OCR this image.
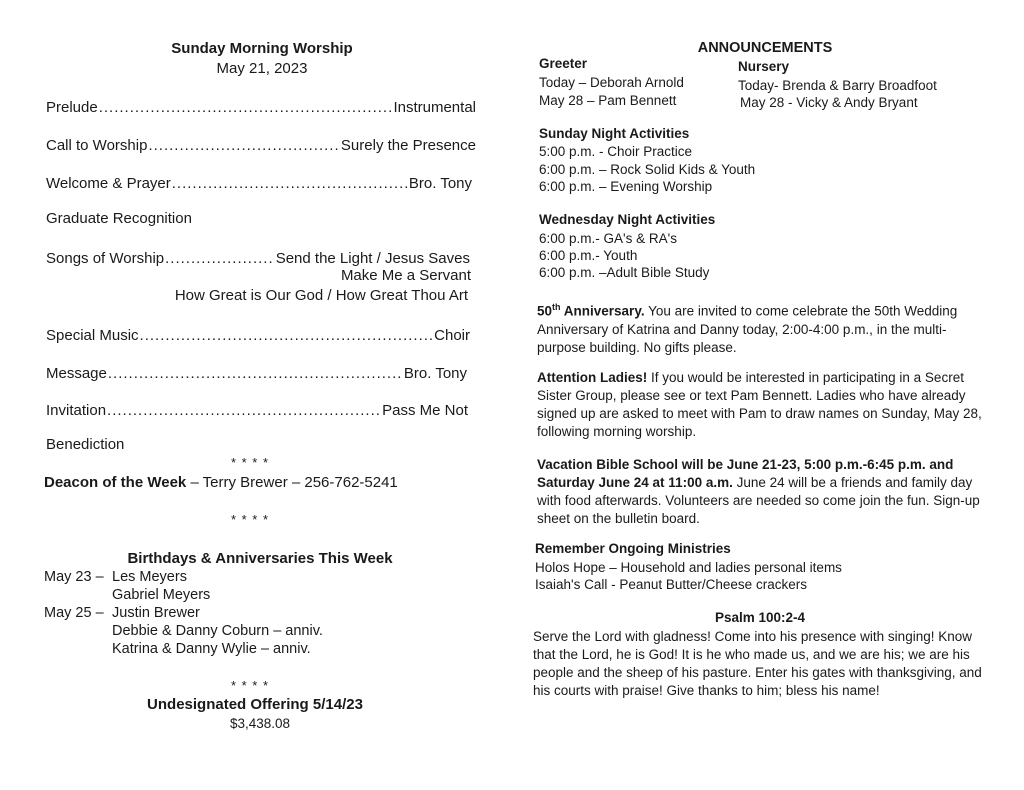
Sunday Morning Worship
May 21, 2023
Prelude .....	Instrumental
Call to Worship .....	Surely the Presence
Welcome & Prayer .....	Bro. Tony
Graduate Recognition
Songs of Worship .....	Send the Light / Jesus Saves
Make Me a Servant
How Great is Our God / How Great Thou Art
Special Music .....	Choir
Message .....	Bro. Tony
Invitation .....	Pass Me Not
Benediction
* * * *
Deacon of the Week – Terry Brewer – 256-762-5241
* * * *
Birthdays & Anniversaries This Week
May 23 – Les Meyers
Gabriel Meyers
May 25 – Justin Brewer
Debbie & Danny Coburn – anniv.
Katrina & Danny Wylie – anniv.
* * * *
Undesignated Offering 5/14/23
$3,438.08
ANNOUNCEMENTS
Greeter
Today – Deborah Arnold
May 28 – Pam Bennett
Nursery
Today- Brenda & Barry Broadfoot
May 28 - Vicky & Andy Bryant
Sunday Night Activities
5:00 p.m. - Choir Practice
6:00 p.m. – Rock Solid Kids & Youth
6:00 p.m. – Evening Worship
Wednesday Night Activities
6:00 p.m.- GA's & RA's
6:00 p.m.- Youth
6:00 p.m. –Adult Bible Study
50th Anniversary. You are invited to come celebrate the 50th Wedding Anniversary of Katrina and Danny today, 2:00-4:00 p.m., in the multi-purpose building. No gifts please.
Attention Ladies! If you would be interested in participating in a Secret Sister Group, please see or text Pam Bennett. Ladies who have already signed up are asked to meet with Pam to draw names on Sunday, May 28, following morning worship.
Vacation Bible School will be June 21-23, 5:00 p.m.-6:45 p.m. and Saturday June 24 at 11:00 a.m. June 24 will be a friends and family day with food afterwards. Volunteers are needed so come join the fun. Sign-up sheet on the bulletin board.
Remember Ongoing Ministries
Holos Hope – Household and ladies personal items
Isaiah's Call - Peanut Butter/Cheese crackers
Psalm 100:2-4
Serve the Lord with gladness! Come into his presence with singing! Know that the Lord, he is God! It is he who made us, and we are his; we are his people and the sheep of his pasture. Enter his gates with thanksgiving, and his courts with praise! Give thanks to him; bless his name!
